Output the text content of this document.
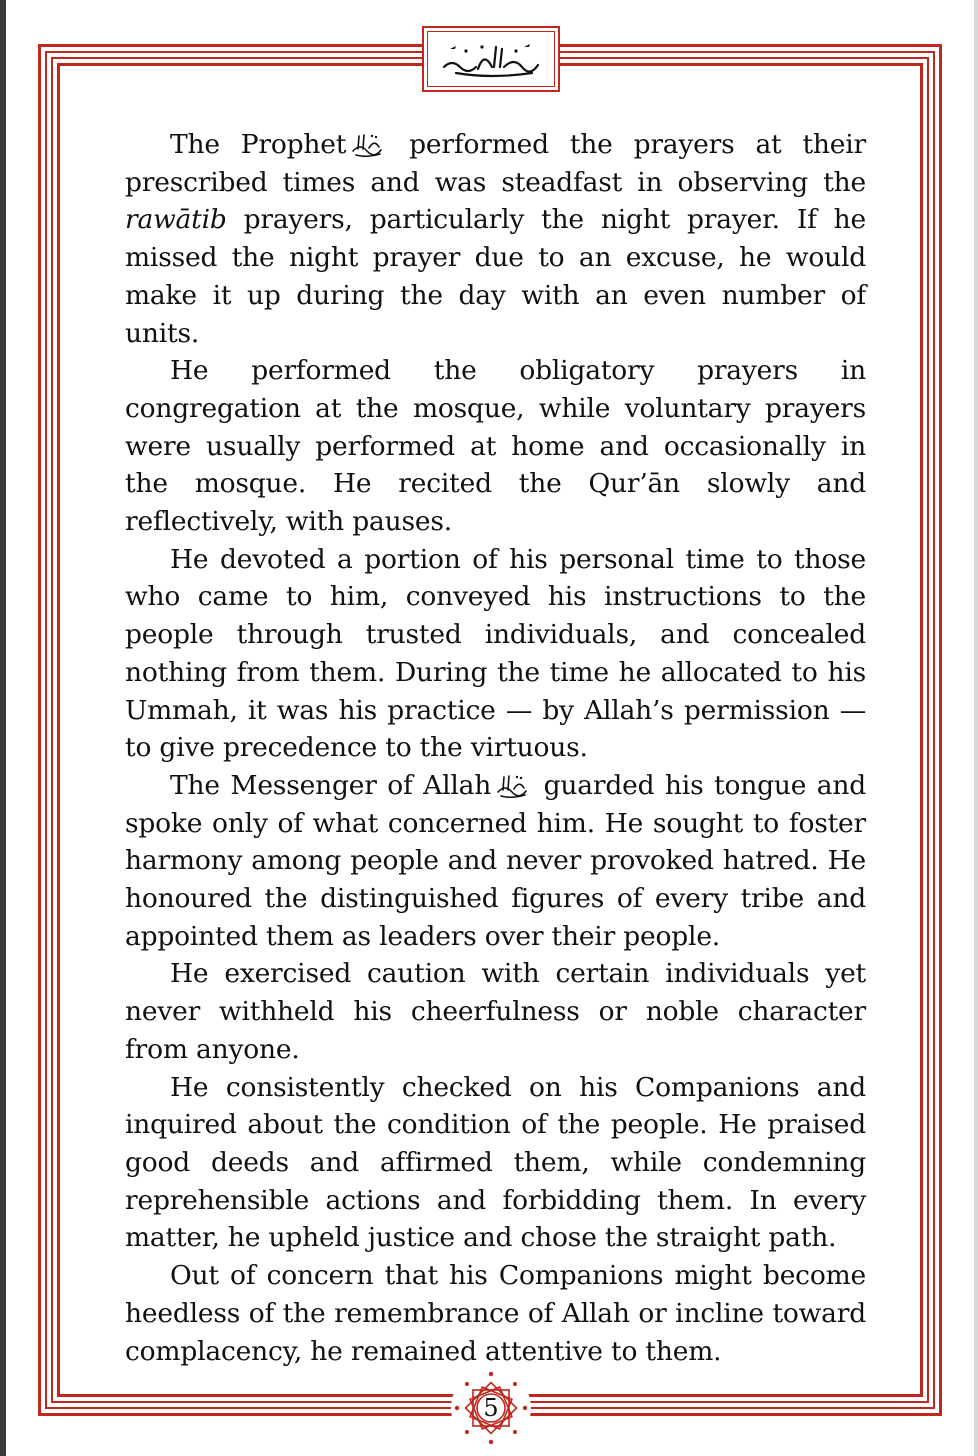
The Prophet performed the prayers at their prescribed times and was steadfast in observing the rawātib prayers, particularly the night prayer. If he missed the night prayer due to an excuse, he would make it up during the day with an even number of units.

He performed the obligatory prayers in congregation at the mosque, while voluntary prayers were usually performed at home and occasionally in the mosque. He recited the Qur’ān slowly and reflectively, with pauses.

He devoted a portion of his personal time to those who came to him, conveyed his instructions to the people through trusted individuals, and concealed nothing from them. During the time he allocated to his Ummah, it was his practice — by Allah’s permission — to give precedence to the virtuous.

The Messenger of Allah guarded his tongue and spoke only of what concerned him. He sought to foster harmony among people and never provoked hatred. He honoured the distinguished figures of every tribe and appointed them as leaders over their people.

He exercised caution with certain individuals yet never withheld his cheerfulness or noble character from anyone.

He consistently checked on his Companions and inquired about the condition of the people. He praised good deeds and affirmed them, while condemning reprehensible actions and forbidding them. In every matter, he upheld justice and chose the straight path.

Out of concern that his Companions might become heedless of the remembrance of Allah or incline toward complacency, he remained attentive to them.

5
